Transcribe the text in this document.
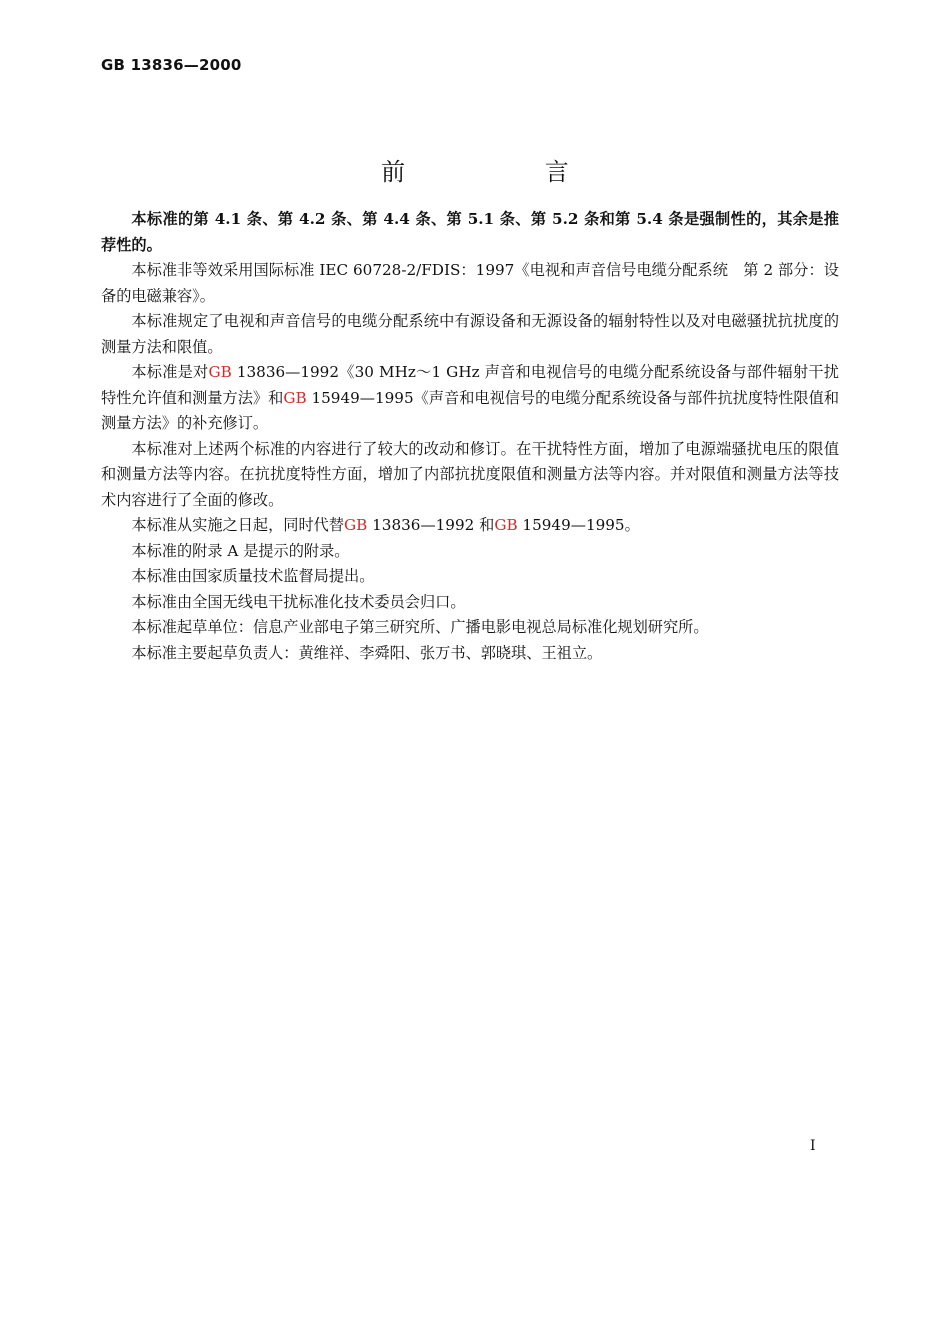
GB 13836—2000
前 言

本标准的第 4.1 条、第 4.2 条、第 4.4 条、第 5.1 条、第 5.2 条和第 5.4 条是强制性的，其余是推荐性的。

本标准非等效采用国际标准 IEC 60728-2/FDIS：1997《电视和声音信号电缆分配系统　第 2 部分：设备的电磁兼容》。

本标准规定了电视和声音信号的电缆分配系统中有源设备和无源设备的辐射特性以及对电磁骚扰抗扰度的测量方法和限值。

本标准是对GB 13836—1992《30 MHz～1 GHz 声音和电视信号的电缆分配系统设备与部件辐射干扰特性允许值和测量方法》和GB 15949—1995《声音和电视信号的电缆分配系统设备与部件抗扰度特性限值和测量方法》的补充修订。

本标准对上述两个标准的内容进行了较大的改动和修订。在干扰特性方面，增加了电源端骚扰电压的限值和测量方法等内容。在抗扰度特性方面，增加了内部抗扰度限值和测量方法等内容。并对限值和测量方法等技术内容进行了全面的修改。

本标准从实施之日起，同时代替GB 13836—1992 和GB 15949—1995。

本标准的附录 A 是提示的附录。

本标准由国家质量技术监督局提出。

本标准由全国无线电干扰标准化技术委员会归口。

本标准起草单位：信息产业部电子第三研究所、广播电影电视总局标准化规划研究所。

本标准主要起草负责人：黄维祥、李舜阳、张万书、郭晓琪、王祖立。

I
